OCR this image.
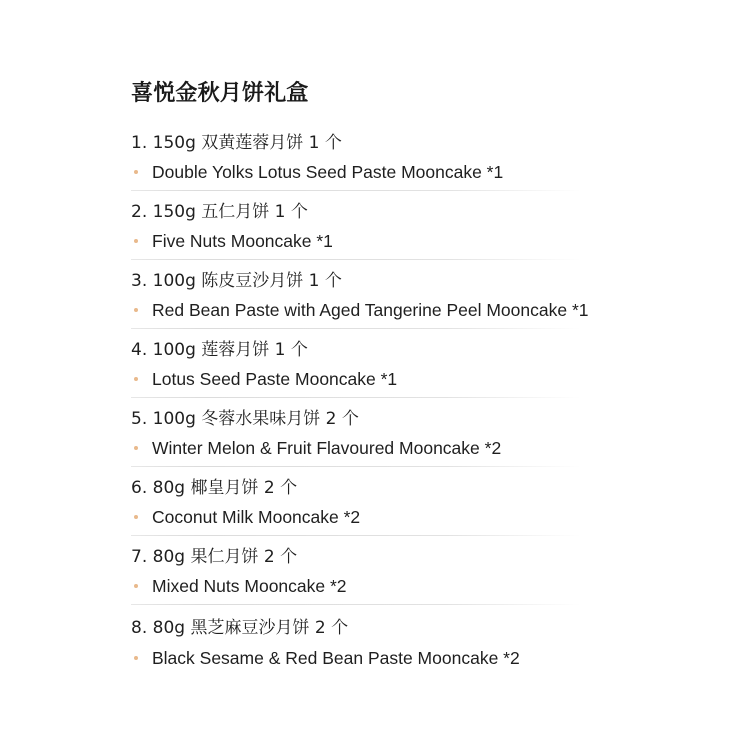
喜悦金秋月饼礼盒
1. 150g 双黄莲蓉月饼 1 个
Double Yolks Lotus Seed Paste Mooncake *1
2. 150g 五仁月饼 1 个
Five Nuts Mooncake *1
3. 100g 陈皮豆沙月饼 1 个
Red Bean Paste with Aged Tangerine Peel Mooncake *1
4. 100g 莲蓉月饼 1 个
Lotus Seed Paste Mooncake *1
5. 100g 冬蓉水果味月饼 2 个
Winter Melon & Fruit Flavoured Mooncake *2
6. 80g 椰皇月饼 2 个
Coconut Milk Mooncake *2
7. 80g 果仁月饼 2 个
Mixed Nuts Mooncake *2
8. 80g 黑芝麻豆沙月饼 2 个
Black Sesame & Red Bean Paste Mooncake *2
